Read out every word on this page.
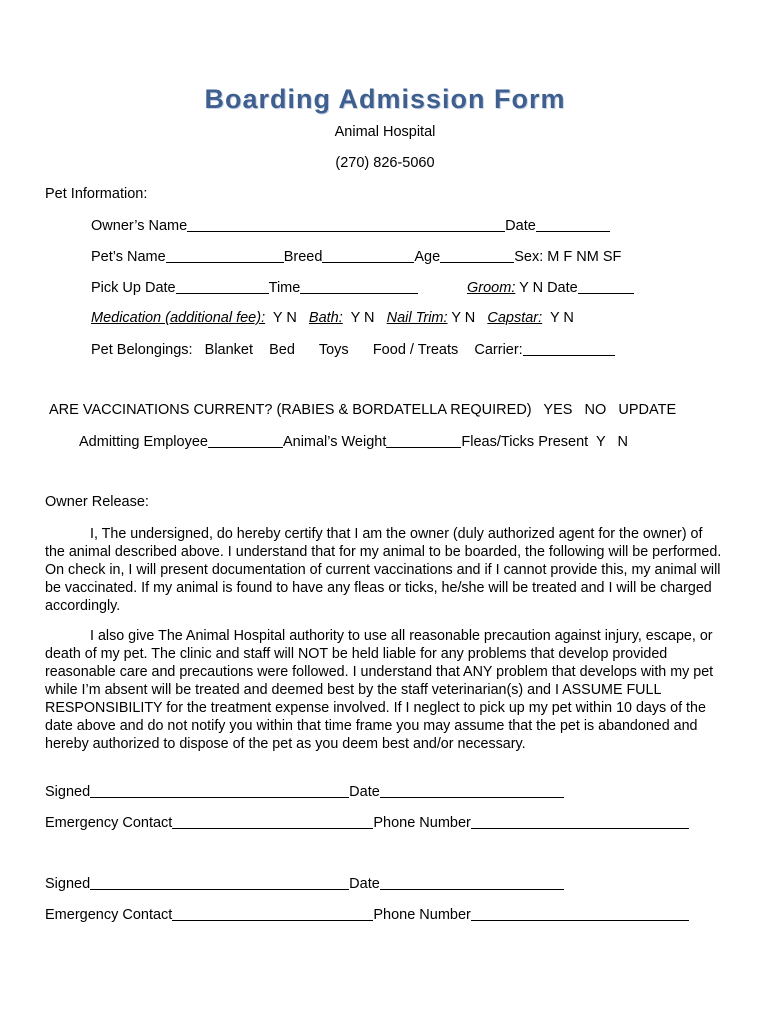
Boarding Admission Form
Animal Hospital
(270) 826-5060
Pet Information:
Owner’s Name	Date
Pet’s Name	Breed	Age	Sex: M F NM SF
Pick Up Date	Time	Groom: Y N Date
Medication (additional fee): Y N Bath: Y N Nail Trim: Y N Capstar: Y N
Pet Belongings:   Blanket    Bed      Toys      Food / Treats    Carrier:
ARE VACCINATIONS CURRENT? (RABIES & BORDATELLA REQUIRED)   YES   NO   UPDATE
Admitting Employee	Animal’s Weight	Fleas/Ticks Present  Y   N
Owner Release:
I, The undersigned, do hereby certify that I am the owner (duly authorized agent for the owner) of the animal described above. I understand that for my animal to be boarded, the following will be performed. On check in, I will present documentation of current vaccinations and if I cannot provide this, my animal will be vaccinated. If my animal is found to have any fleas or ticks, he/she will be treated and I will be charged accordingly.
I also give The Animal Hospital authority to use all reasonable precaution against injury, escape, or death of my pet. The clinic and staff will NOT be held liable for any problems that develop provided reasonable care and precautions were followed. I understand that ANY problem that develops with my pet while I’m absent will be treated and deemed best by the staff veterinarian(s) and I ASSUME FULL RESPONSIBILITY for the treatment expense involved. If I neglect to pick up my pet within 10 days of the date above and do not notify you within that time frame you may assume that the pet is abandoned and hereby authorized to dispose of the pet as you deem best and/or necessary.
Signed	Date
Emergency Contact	Phone Number
Signed	Date
Emergency Contact	Phone Number
